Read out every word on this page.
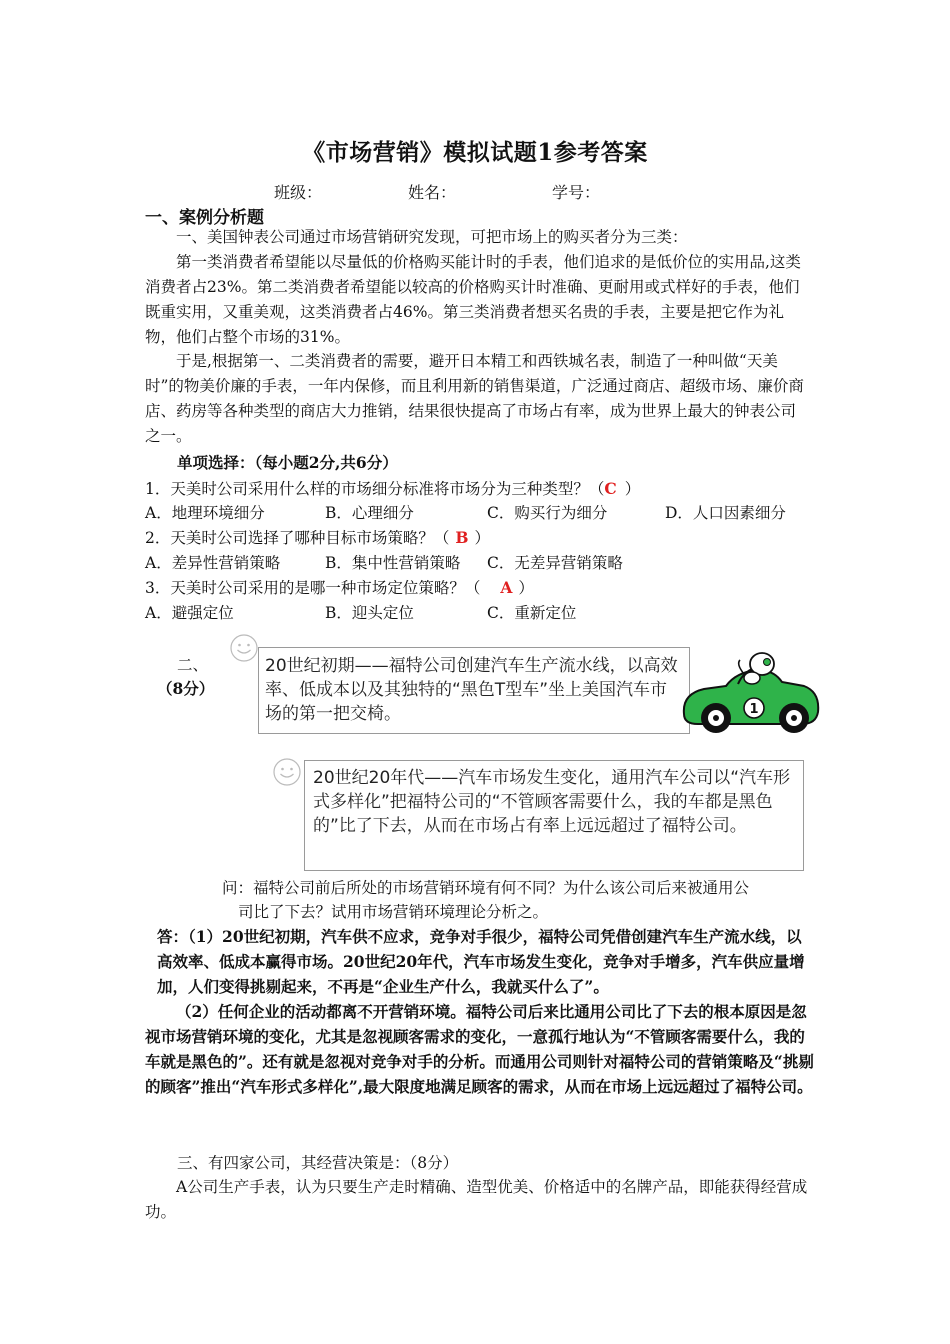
《市场营销》模拟试题1参考答案
班级：	姓名：	学号：
一、案例分析题
一、美国钟表公司通过市场营销研究发现，可把市场上的购买者分为三类：
第一类消费者希望能以尽量低的价格购买能计时的手表，他们追求的是低价位的实用品,这类消费者占23%。第二类消费者希望能以较高的价格购买计时准确、更耐用或式样好的手表，他们既重实用，又重美观，这类消费者占46%。第三类消费者想买名贵的手表，主要是把它作为礼物，他们占整个市场的31%。
于是,根据第一、二类消费者的需要，避开日本精工和西铁城名表，制造了一种叫做“天美时”的物美价廉的手表，一年内保修，而且利用新的销售渠道，广泛通过商店、超级市场、廉价商店、药房等各种类型的商店大力推销，结果很快提高了市场占有率，成为世界上最大的钟表公司之一。
单项选择：（每小题2分,共6分）
1．天美时公司采用什么样的市场细分标准将市场分为三种类型？（C ）
A．地理环境细分	B．心理细分	C．购买行为细分	D．人口因素细分
2．天美时公司选择了哪种目标市场策略？（ B ）
A．差异性营销策略	B．集中性营销策略 C．无差异营销策略
3．天美时公司采用的是哪一种市场定位策略？（ A ）
A．避强定位	B．迎头定位	C．重新定位
二、
（8分）
20世纪初期——福特公司创建汽车生产流水线，以高效率、低成本以及其独特的“黑色T型车”坐上美国汽车市场的第一把交椅。	1
20世纪20年代——汽车市场发生变化，通用汽车公司以“汽车形式多样化”把福特公司的“不管顾客需要什么，我的车都是黑色的”比了下去，从而在市场占有率上远远超过了福特公司。
问：福特公司前后所处的市场营销环境有何不同？为什么该公司后来被通用公
司比了下去？试用市场营销环境理论分析之。
答：（1）20世纪初期，汽车供不应求，竞争对手很少，福特公司凭借创建汽车生产流水线，以高效率、低成本赢得市场。20世纪20年代，汽车市场发生变化，竞争对手增多，汽车供应量增加，人们变得挑剔起来，不再是“企业生产什么，我就买什么了”。
（2）任何企业的活动都离不开营销环境。福特公司后来比通用公司比了下去的根本原因是忽视市场营销环境的变化，尤其是忽视顾客需求的变化，一意孤行地认为“不管顾客需要什么，我的车就是黑色的”。还有就是忽视对竞争对手的分析。而通用公司则针对福特公司的营销策略及“挑剔的顾客”推出“汽车形式多样化”,最大限度地满足顾客的需求，从而在市场上远远超过了福特公司。
三、有四家公司，其经营决策是：（8分）
A公司生产手表，认为只要生产走时精确、造型优美、价格适中的名牌产品，即能获得经营成功。
